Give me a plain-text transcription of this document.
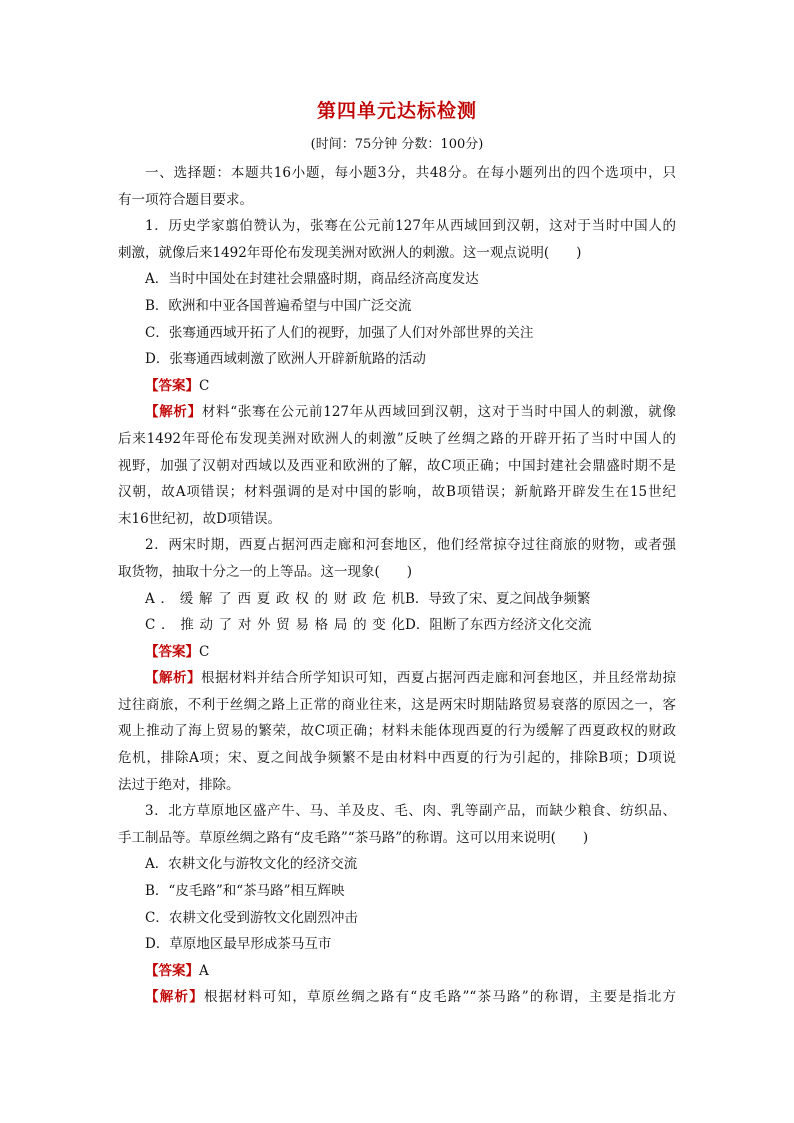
第四单元达标检测
(时间：75分钟 分数：100分)
一、选择题：本题共16小题，每小题3分，共48分。在每小题列出的四个选项中，只
有一项符合题目要求。
1．历史学家翦伯赞认为，张骞在公元前127年从西域回到汉朝，这对于当时中国人的
刺激，就像后来1492年哥伦布发现美洲对欧洲人的刺激。这一观点说明(　　)
A．当时中国处在封建社会鼎盛时期，商品经济高度发达
B．欧洲和中亚各国普遍希望与中国广泛交流
C．张骞通西域开拓了人们的视野，加强了人们对外部世界的关注
D．张骞通西域刺激了欧洲人开辟新航路的活动
【答案】C
【解析】材料“张骞在公元前127年从西域回到汉朝，这对于当时中国人的刺激，就像
后来1492年哥伦布发现美洲对欧洲人的刺激”反映了丝绸之路的开辟开拓了当时中国人的
视野，加强了汉朝对西域以及西亚和欧洲的了解，故C项正确；中国封建社会鼎盛时期不是
汉朝，故A项错误；材料强调的是对中国的影响，故B项错误；新航路开辟发生在15世纪
末16世纪初，故D项错误。
2．两宋时期，西夏占据河西走廊和河套地区，他们经常掠夺过往商旅的财物，或者强
取货物，抽取十分之一的上等品。这一现象(　　)
A．缓解了西夏政权的财政危机 B．导致了宋、夏之间战争频繁
C．推动了对外贸易格局的变化 D．阻断了东西方经济文化交流
【答案】C
【解析】根据材料并结合所学知识可知，西夏占据河西走廊和河套地区，并且经常劫掠
过往商旅，不利于丝绸之路上正常的商业往来，这是两宋时期陆路贸易衰落的原因之一，客
观上推动了海上贸易的繁荣，故C项正确；材料未能体现西夏的行为缓解了西夏政权的财政
危机，排除A项；宋、夏之间战争频繁不是由材料中西夏的行为引起的，排除B项；D项说
法过于绝对，排除。
3．北方草原地区盛产牛、马、羊及皮、毛、肉、乳等副产品，而缺少粮食、纺织品、
手工制品等。草原丝绸之路有“皮毛路”“茶马路”的称谓。这可以用来说明(　　)
A．农耕文化与游牧文化的经济交流
B．“皮毛路”和“茶马路”相互辉映
C．农耕文化受到游牧文化剧烈冲击
D．草原地区最早形成茶马互市
【答案】A
【解析】根据材料可知，草原丝绸之路有“皮毛路”“茶马路”的称谓，主要是指北方
